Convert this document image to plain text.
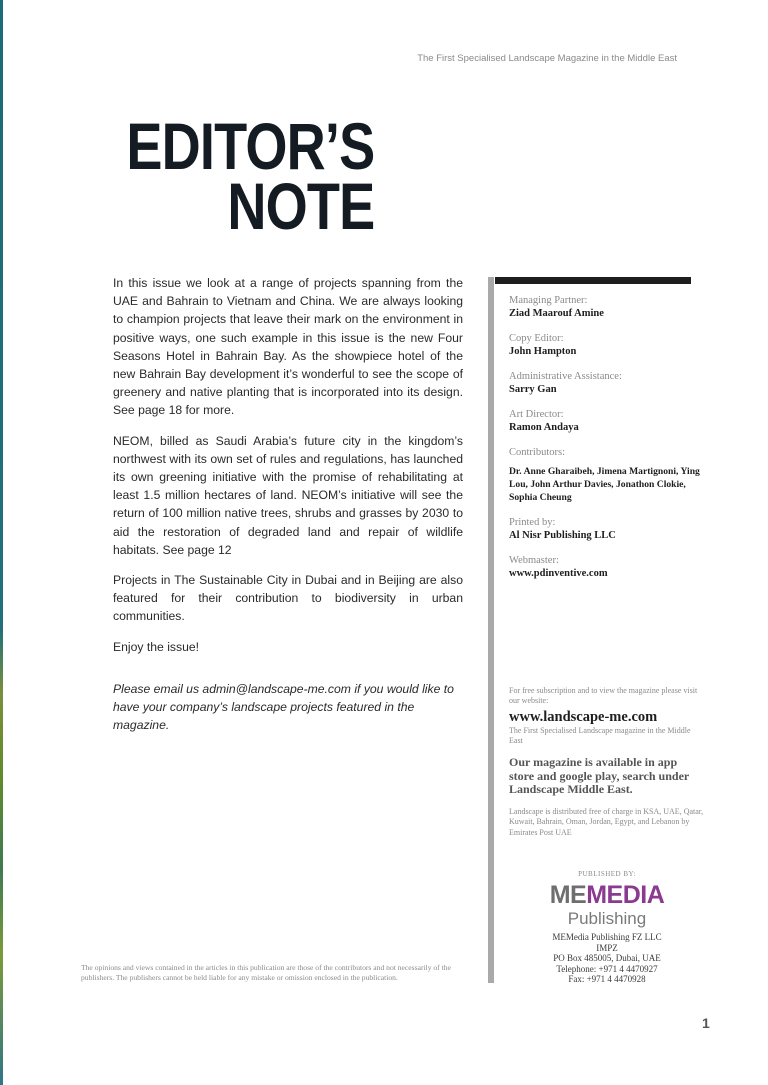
The First Specialised Landscape Magazine in the Middle East
EDITOR’S
NOTE

In this issue we look at a range of projects spanning from the UAE and Bahrain to Vietnam and China. We are always looking to champion projects that leave their mark on the environment in positive ways, one such example in this issue is the new Four Seasons Hotel in Bahrain Bay. As the showpiece hotel of the new Bahrain Bay development it’s wonderful to see the scope of greenery and native planting that is incorporated into its design. See page 18 for more.

NEOM, billed as Saudi Arabia’s future city in the kingdom’s northwest with its own set of rules and regulations, has launched its own greening initiative with the promise of rehabilitating at least 1.5 million hectares of land. NEOM’s initiative will see the return of 100 million native trees, shrubs and grasses by 2030 to aid the restoration of degraded land and repair of wildlife habitats. See page 12

Projects in The Sustainable City in Dubai and in Beijing are also featured for their contribution to biodiversity in urban communities.

Enjoy the issue!

Please email us admin@landscape-me.com if you would like to have your company’s landscape projects featured in the magazine.

Managing Partner:
Ziad Maarouf Amine
Copy Editor:
John Hampton
Administrative Assistance:
Sarry Gan
Art Director:
Ramon Andaya
Contributors:
Dr. Anne Gharaibeh, Jimena Martignoni, Ying Lou, John Arthur Davies, Jonathon Clokie, Sophia Cheung
Printed by:
Al Nisr Publishing LLC
Webmaster:
www.pdinventive.com
For free subscription and to view the magazine please visit our website:
www.landscape-me.com
The First Specialised Landscape magazine in the Middle East
Our magazine is available in app store and google play, search under Landscape Middle East.
Landscape is distributed free of charge in KSA, UAE, Qatar, Kuwait, Bahrain, Oman, Jordan, Egypt, and Lebanon by Emirates Post UAE
PUBLISHED BY:
MEMEDIA
Publishing
MEMedia Publishing FZ LLC
IMPZ
PO Box 485005, Dubai, UAE
Telephone: +971 4 4470927
Fax: +971 4 4470928
The opinions and views contained in the articles in this publication are those of the contributors and not necessarily of the publishers. The publishers cannot be held liable for any mistake or omission enclosed in the publication.
1
